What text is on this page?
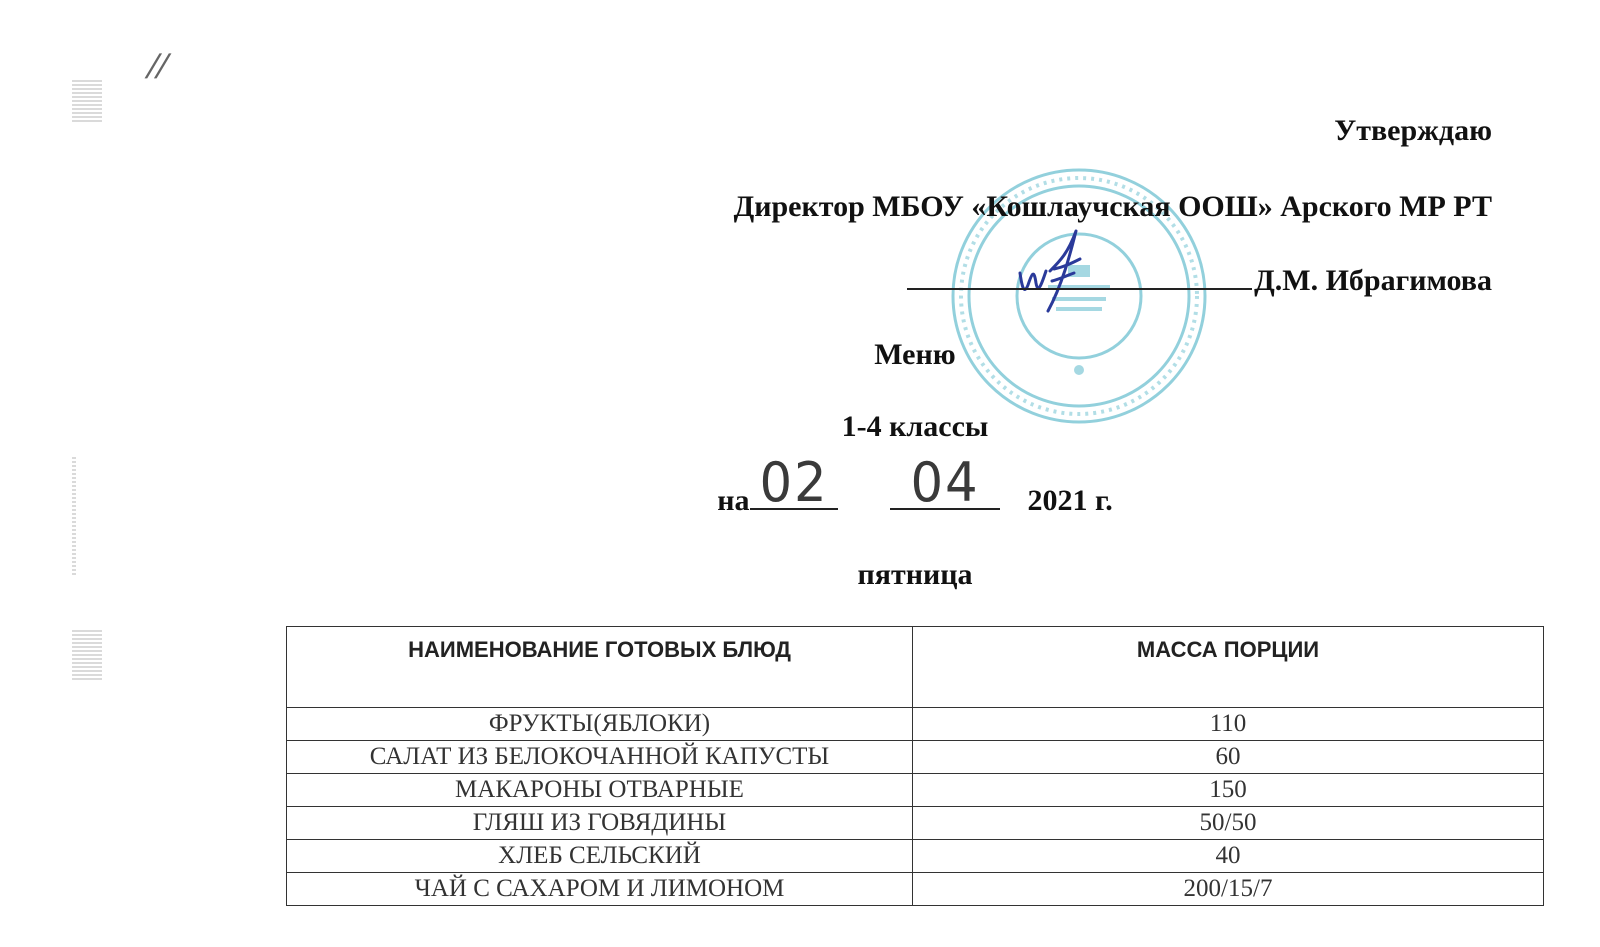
//
Утверждаю
Директор МБОУ «Кошлаучская ООШ» Арского МР РТ
Д.М. Ибрагимова
Меню
1-4 классы
на 02	04	2021 г.
пятница
НАИМЕНОВАНИЕ ГОТОВЫХ БЛЮД	МАССА ПОРЦИИ
ФРУКТЫ(ЯБЛОКИ)	110
САЛАТ ИЗ БЕЛОКОЧАННОЙ КАПУСТЫ	60
МАКАРОНЫ ОТВАРНЫЕ	150
ГЛЯШ ИЗ ГОВЯДИНЫ	50/50
ХЛЕБ СЕЛЬСКИЙ	40
ЧАЙ С САХАРОМ И ЛИМОНОМ	200/15/7
